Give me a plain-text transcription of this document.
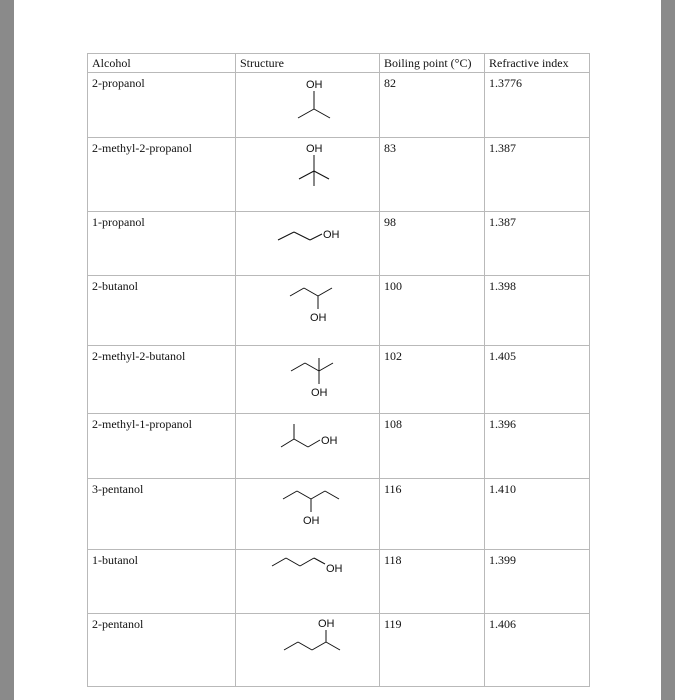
Alcohol	Structure	Boiling point (°C)	Refractive index
2-propanol	OH	82	1.3776
2-methyl-2-propanol	OH	83	1.387
1-propanol	OH	98	1.387
2-butanol	OH	100	1.398
2-methyl-2-butanol	OH	102	1.405
2-methyl-1-propanol	OH	108	1.396
3-pentanol	OH	116	1.410
1-butanol	OH	118	1.399
2-pentanol	OH	119	1.406
